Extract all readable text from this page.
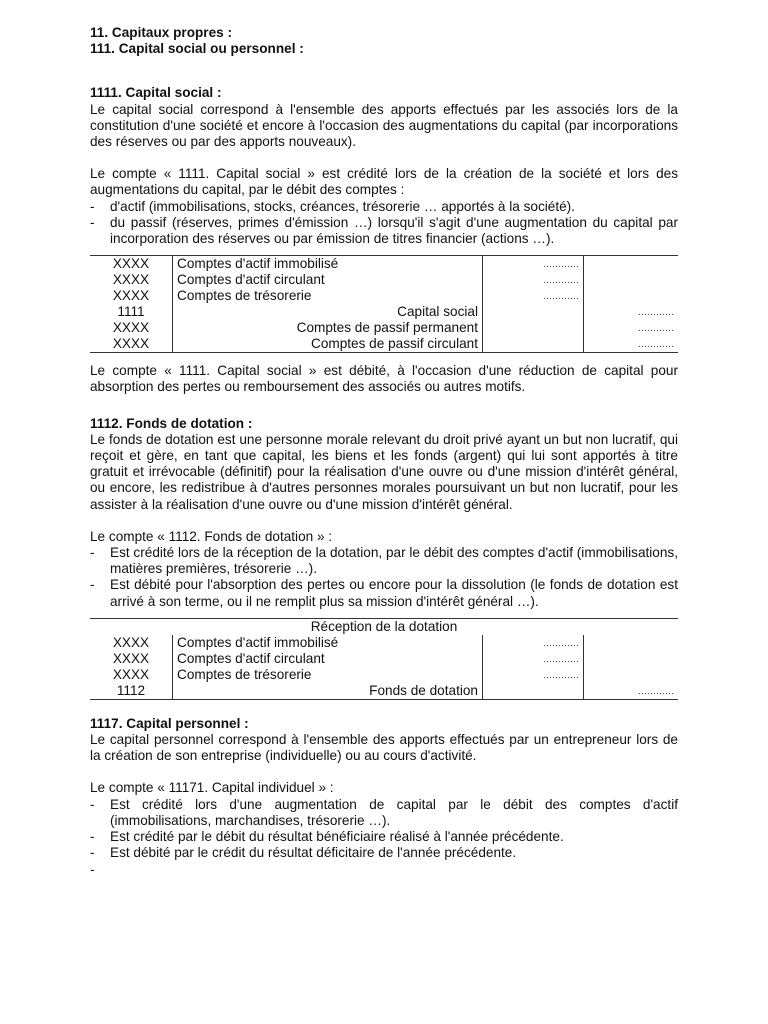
11. Capitaux propres :
111. Capital social ou personnel :
1111. Capital social :

Le capital social correspond à l'ensemble des apports effectués par les associés lors de la constitution d'une société et encore à l'occasion des augmentations du capital (par incorporations des réserves ou par des apports nouveaux).

Le compte « 1111. Capital social » est crédité lors de la création de la société et lors des augmentations du capital, par le débit des comptes :

- d'actif (immobilisations, stocks, créances, trésorerie … apportés à la société).
- du passif (réserves, primes d'émission …) lorsqu'il s'agit d'une augmentation du capital par incorporation des réserves ou par émission de titres financier (actions …).
XXXX	Comptes d'actif immobilisé	…………	
XXXX	Comptes d'actif circulant	…………	
XXXX	Comptes de trésorerie	…………	
1111	Capital social		…………
XXXX	Comptes de passif permanent		…………
XXXX	Comptes de passif circulant		…………

Le compte « 1111. Capital social » est débité, à l'occasion d'une réduction de capital pour absorption des pertes ou remboursement des associés ou autres motifs.

1112. Fonds de dotation :

Le fonds de dotation est une personne morale relevant du droit privé ayant un but non lucratif, qui reçoit et gère, en tant que capital, les biens et les fonds (argent) qui lui sont apportés à titre gratuit et irrévocable (définitif) pour la réalisation d'une ouvre ou d'une mission d'intérêt général, ou encore, les redistribue à d'autres personnes morales poursuivant un but non lucratif, pour les assister à la réalisation d'une ouvre ou d'une mission d'intérêt général.

Le compte « 1112. Fonds de dotation » :

- Est crédité lors de la réception de la dotation, par le débit des comptes d'actif (immobilisations, matières premières, trésorerie …).
- Est débité pour l'absorption des pertes ou encore pour la dissolution (le fonds de dotation est arrivé à son terme, ou il ne remplit plus sa mission d'intérêt général …).
Réception de la dotation			
XXXX	Comptes d'actif immobilisé	…………	
XXXX	Comptes d'actif circulant	…………	
XXXX	Comptes de trésorerie	…………	
1112	Fonds de dotation		…………
1117. Capital personnel :

Le capital personnel correspond à l'ensemble des apports effectués par un entrepreneur lors de la création de son entreprise (individuelle) ou au cours d'activité.

Le compte « 11171. Capital individuel » :

- Est crédité lors d'une augmentation de capital par le débit des comptes d'actif (immobilisations, marchandises, trésorerie …).
- Est crédité par le débit du résultat bénéficiaire réalisé à l'année précédente.
- Est débité par le crédit du résultat déficitaire de l'année précédente.
-
